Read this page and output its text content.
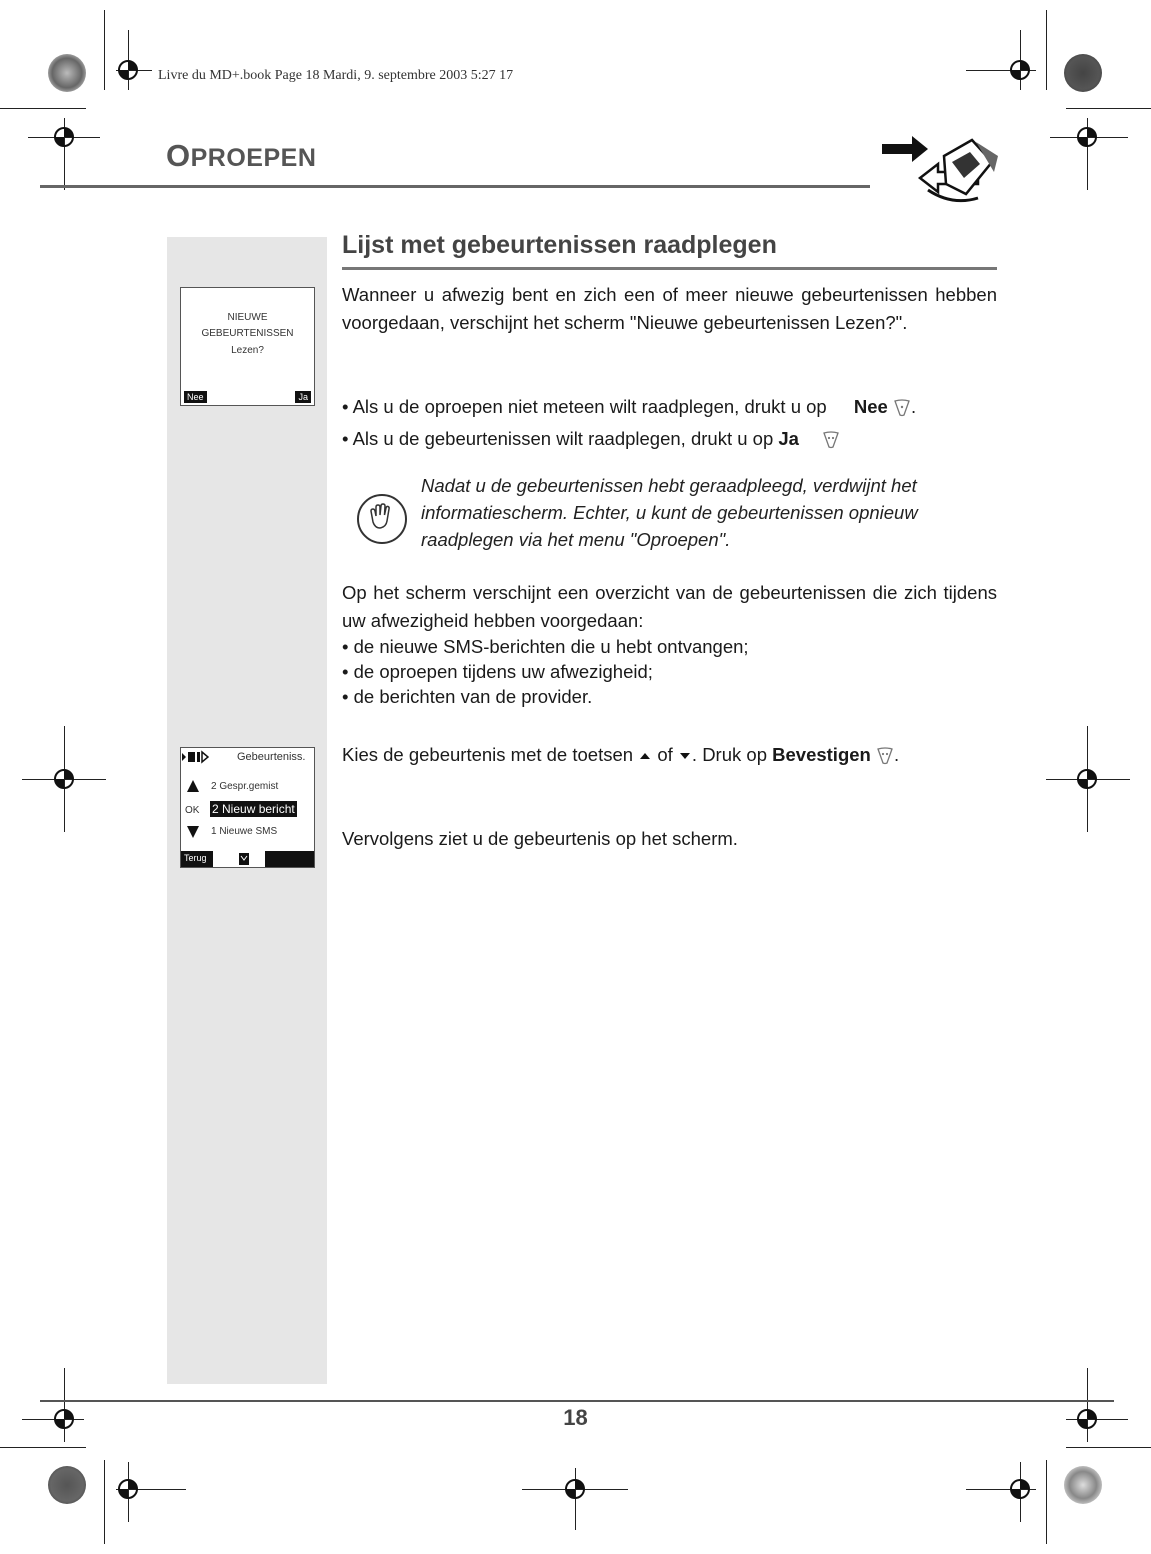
Livre du MD+.book Page 18 Mardi, 9. septembre 2003 5:27 17
OPROEPEN
NIEUWE
GEBEURTENISSEN
Lezen?
Nee	Ja
Gebeurteniss.
2 Gespr.gemist
OK 2 Nieuw bericht
1 Nieuwe SMS
Terug
Lijst met gebeurtenissen raadplegen
Wanneer u afwezig bent en zich een of meer nieuwe gebeurtenissen hebben voorgedaan, verschijnt het scherm "Nieuwe gebeurtenissen Lezen?".
• Als u de oproepen niet meteen wilt raadplegen, drukt u op Nee .
• Als u de gebeurtenissen wilt raadplegen, drukt u op Ja
Nadat u de gebeurtenissen hebt geraadpleegd, verdwijnt het informatiescherm. Echter, u kunt de gebeurtenissen opnieuw raadplegen via het menu "Oproepen".
Op het scherm verschijnt een overzicht van de gebeurtenissen die zich tijdens uw afwezigheid hebben voorgedaan:
• de nieuwe SMS-berichten die u hebt ontvangen;
• de oproepen tijdens uw afwezigheid;
• de berichten van de provider.
Kies de gebeurtenis met de toetsen of . Druk op Bevestigen .
Vervolgens ziet u de gebeurtenis op het scherm.
18
